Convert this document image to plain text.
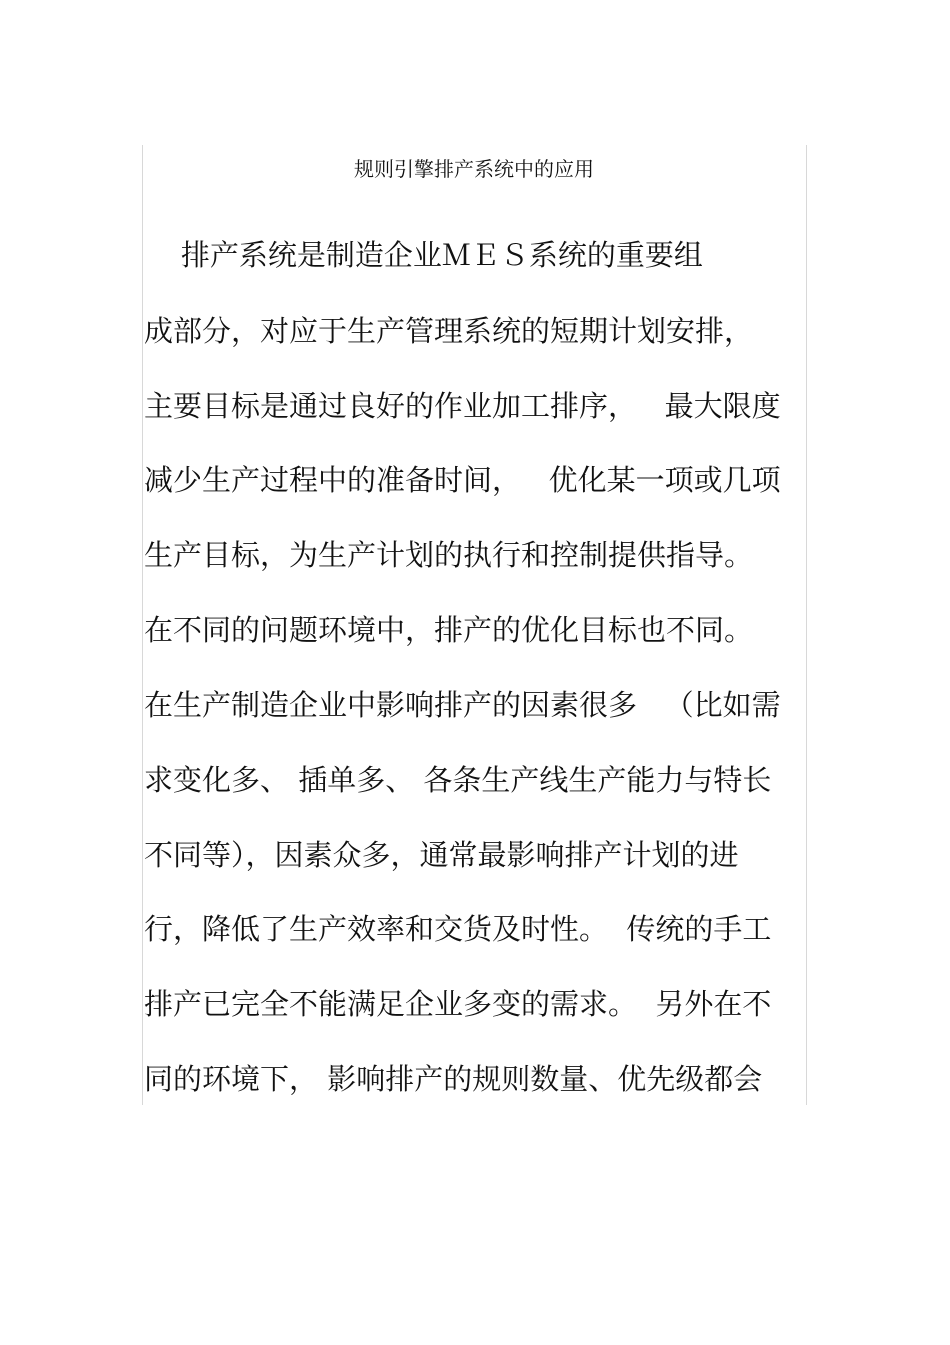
规则引擎排产系统中的应用
排产系统是制造企业ＭＥＳ系统的重要组
成部分，对应于生产管理系统的短期计划安排，
主要目标是通过良好的作业加工排序，   最大限度
减少生产过程中的准备时间，   优化某一项或几项
生产目标，为生产计划的执行和控制提供指导。
在不同的问题环境中，排产的优化目标也不同。
在生产制造企业中影响排产的因素很多   （比如需
求变化多、 插单多、 各条生产线生产能力与特长
不同等），因素众多，通常最影响排产计划的进
行，降低了生产效率和交货及时性。  传统的手工
排产已完全不能满足企业多变的需求。  另外在不
同的环境下， 影响排产的规则数量、优先级都会
